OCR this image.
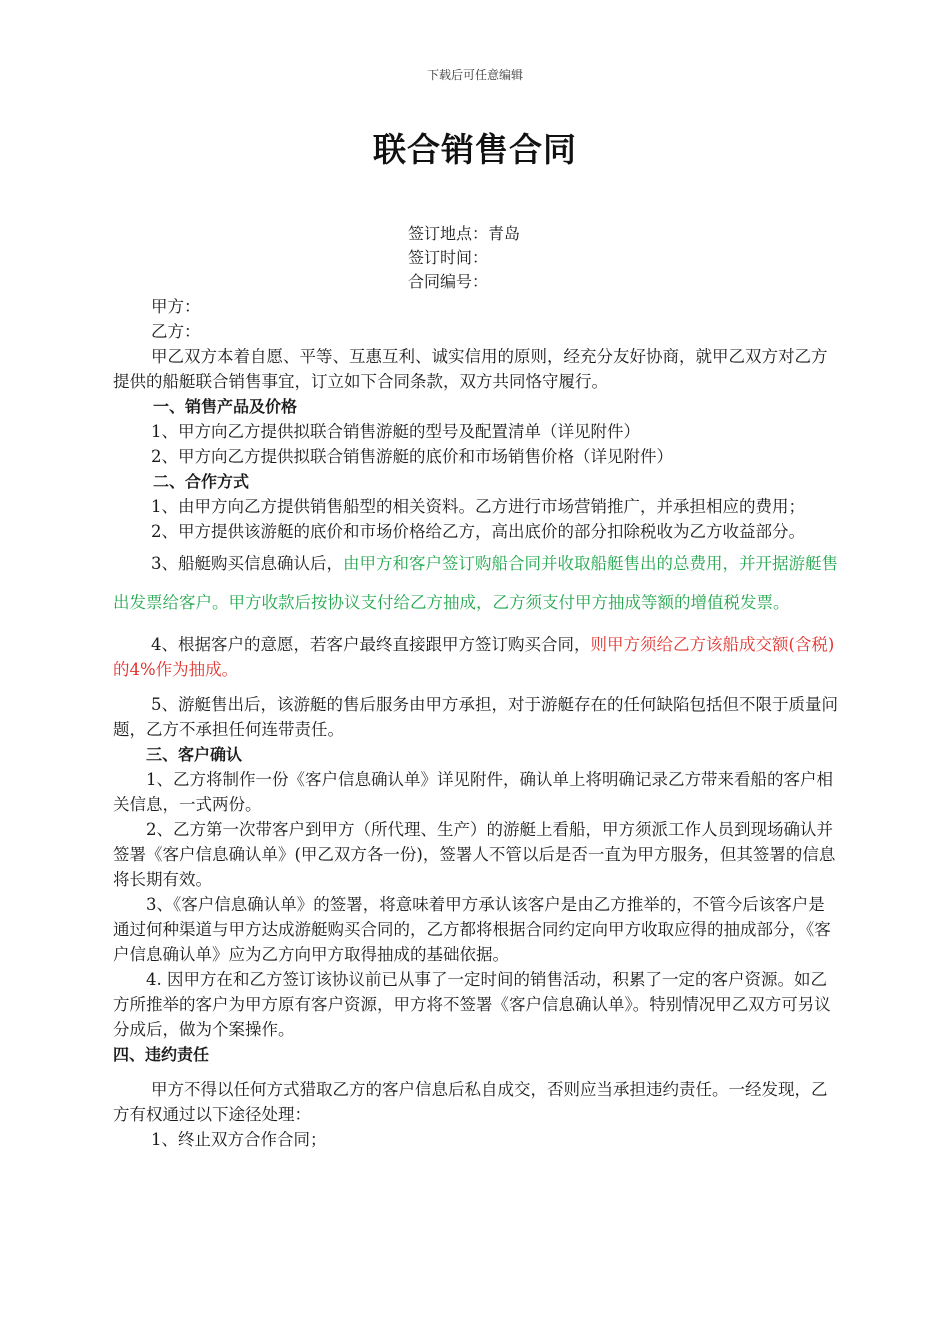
下载后可任意编辑
联合销售合同
签订地点：青岛
签订时间：
合同编号：

甲方：

乙方：

甲乙双方本着自愿、平等、互惠互利、诚实信用的原则，经充分友好协商，就甲乙双方对乙方提供的船艇联合销售事宜，订立如下合同条款，双方共同恪守履行。

一、销售产品及价格

1、甲方向乙方提供拟联合销售游艇的型号及配置清单（详见附件）

2、甲方向乙方提供拟联合销售游艇的底价和市场销售价格（详见附件）

二、合作方式

1、由甲方向乙方提供销售船型的相关资料。乙方进行市场营销推广，并承担相应的费用；

2、甲方提供该游艇的底价和市场价格给乙方，高出底价的部分扣除税收为乙方收益部分。

3、船艇购买信息确认后，由甲方和客户签订购船合同并收取船艇售出的总费用，并开据游艇售出发票给客户。甲方收款后按协议支付给乙方抽成，乙方须支付甲方抽成等额的增值税发票。

4、根据客户的意愿，若客户最终直接跟甲方签订购买合同，则甲方须给乙方该船成交额(含税)的4%作为抽成。

5、游艇售出后，该游艇的售后服务由甲方承担，对于游艇存在的任何缺陷包括但不限于质量问题，乙方不承担任何连带责任。

三、客户确认

1、乙方将制作一份《客户信息确认单》详见附件，确认单上将明确记录乙方带来看船的客户相关信息，一式两份。

2、乙方第一次带客户到甲方（所代理、生产）的游艇上看船，甲方须派工作人员到现场确认并签署《客户信息确认单》(甲乙双方各一份)，签署人不管以后是否一直为甲方服务，但其签署的信息将长期有效。

3、《客户信息确认单》的签署，将意味着甲方承认该客户是由乙方推举的，不管今后该客户是通过何种渠道与甲方达成游艇购买合同的，乙方都将根据合同约定向甲方收取应得的抽成部分，《客户信息确认单》应为乙方向甲方取得抽成的基础依据。

4. 因甲方在和乙方签订该协议前已从事了一定时间的销售活动，积累了一定的客户资源。如乙方所推举的客户为甲方原有客户资源，甲方将不签署《客户信息确认单》。特别情况甲乙双方可另议分成后，做为个案操作。

四、违约责任

甲方不得以任何方式猎取乙方的客户信息后私自成交，否则应当承担违约责任。一经发现，乙方有权通过以下途径处理：

1、终止双方合作合同；
